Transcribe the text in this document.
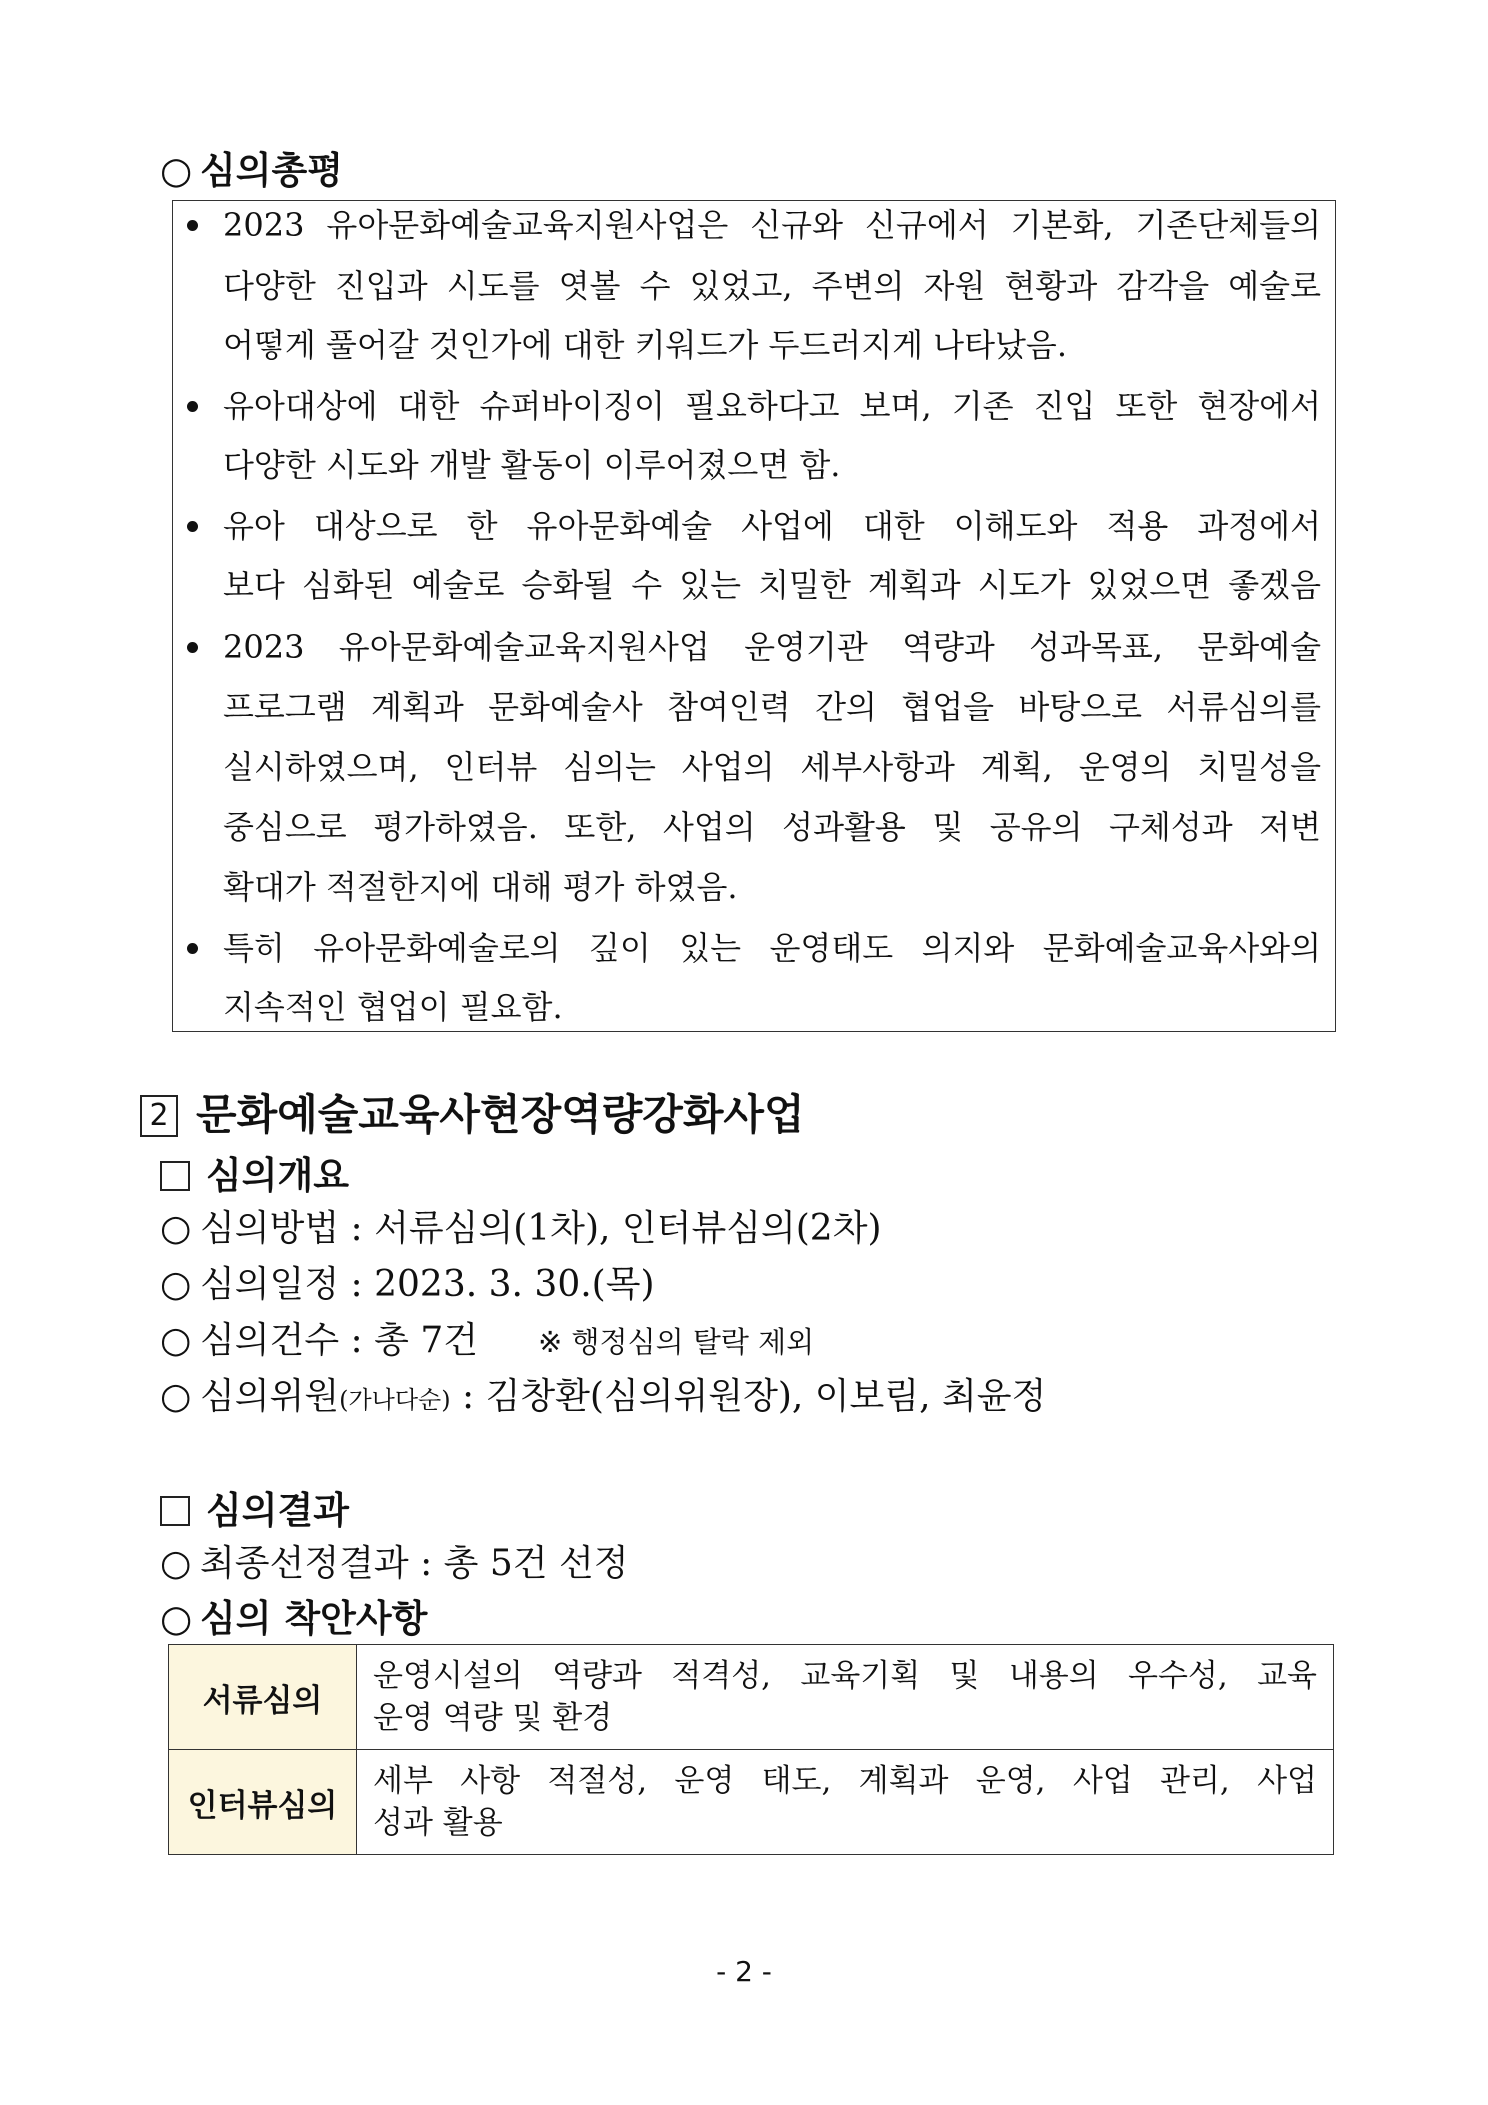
○ 심의총평
2023 유아문화예술교육지원사업은 신규와 신규에서 기본화, 기존단체들의
다양한 진입과 시도를 엿볼 수 있었고, 주변의 자원 현황과 감각을 예술로
어떻게 풀어갈 것인가에 대한 키워드가 두드러지게 나타났음.
유아대상에 대한 슈퍼바이징이 필요하다고 보며, 기존 진입 또한 현장에서
다양한 시도와 개발 활동이 이루어졌으면 함.
유아 대상으로 한 유아문화예술 사업에 대한 이해도와 적용 과정에서
보다 심화된 예술로 승화될 수 있는 치밀한 계획과 시도가 있었으면 좋겠음
2023 유아문화예술교육지원사업 운영기관 역량과 성과목표, 문화예술
프로그램 계획과 문화예술사 참여인력 간의 협업을 바탕으로 서류심의를
실시하였으며, 인터뷰 심의는 사업의 세부사항과 계획, 운영의 치밀성을
중심으로 평가하였음. 또한, 사업의 성과활용 및 공유의 구체성과 저변
확대가 적절한지에 대해 평가 하였음.
특히 유아문화예술로의 깊이 있는 운영태도 의지와 문화예술교육사와의
지속적인 협업이 필요함.
2 문화예술교육사현장역량강화사업
심의개요
○ 심의방법 : 서류심의(1차), 인터뷰심의(2차)
○ 심의일정 : 2023. 3. 30.(목)
○ 심의건수 : 총 7건 ※ 행정심의 탈락 제외
○ 심의위원(가나다순) : 김창환(심의위원장), 이보림, 최윤정
심의결과
○ 최종선정결과 : 총 5건 선정
○ 심의 착안사항
서류심의	운영시설의 역량과 적격성, 교육기획 및 내용의 우수성, 교육
운영 역량 및 환경

인터뷰심의	세부 사항 적절성, 운영 태도, 계획과 운영, 사업 관리, 사업
성과 활용
- 2 -
